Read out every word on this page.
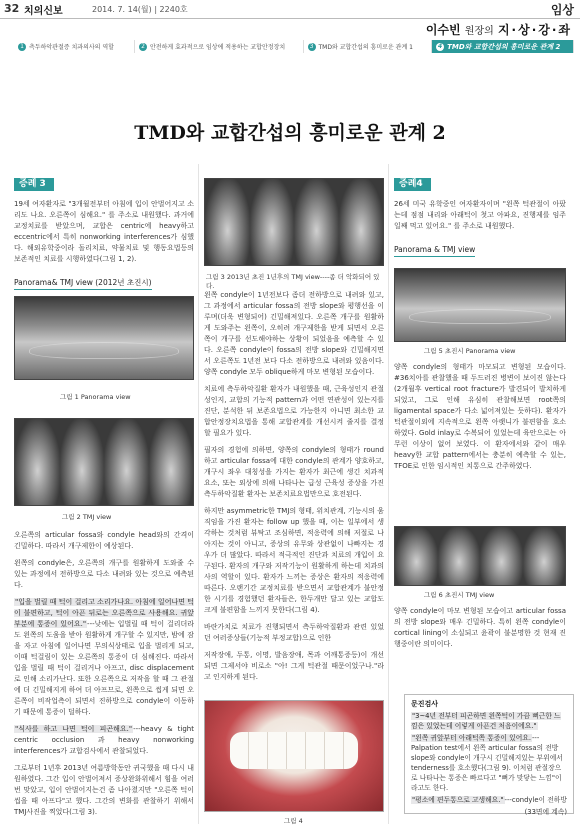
32 치의신보	2014. 7. 14(월) | 2240호	임상
이수빈 원장의 지·상·강·좌
1 측두하악관절증 치과의사의 역할	2 안전하게 효과적으로 임상에 적용하는 교합안정장치	3 TMD와 교합간섭의 흥미로운 관계 1	4 TMD와 교합간섭의 흥미로운 관계 2
TMD와 교합간섭의 흥미로운 관계 2
증례 3

19세 여자환자로 "3개월전부터 아침에 입이 안벌어지고 소리도 나요. 오른쪽이 심해요." 를 주소로 내원했다. 과거에 교정치료를 받았으며, 교합은 centric에 heavy하고 eccentric에서 특히 nonworking interferences가 심했다. 해외유학중이라 돌리치료, 약물치료 및 행동요법등의 보존적인 치료를 시행하였다(그림 1, 2).

Panorama& TMJ view (2012년 초진시)
그림 1 Panorama view
그림 2 TMJ view

오른쪽의 articular fossa와 condyle head와의 간격이 긴밀하다. 따라서 개구제한이 예상된다.

왼쪽의 condyle은, 오른쪽의 개구를 원활하게 도와줄 수 있는 과정에서 전하방으로 다소 내려와 있는 것으로 예측된다.

"입을 벌릴 때 턱이 걸리고 소리가나요. 아침에 일어나면 턱이 불편하고, 턱이 아픈 뒤로는 오른쪽으로 사용해요. 귀앞부분에 통증이 있어요."---낮에는 입벌릴 때 턱이 걸리더라도 왼쪽의 도움을 받아 원활하게 개구할 수 있지만, 밤에 잠을 자고 아침에 일어나면 무의식상태로 입을 벌리게 되고, 이때 턱걸림이 있는 오른쪽의 통증이 더 심해진다. 따라서 입을 벌릴 때 턱이 걸리거나 아프고, disc displacement로 인해 소리가난다. 또한 오른쪽으로 저작을 할 때 그 관절에 더 긴밀해지게 하여 더 아프므로, 왼쪽으로 씹게 되면 오른쪽이 비작업측이 되면서 진하방으로 condyle이 이동하기 때문에 통증이 덜하다.

"식사를 하고 나면 턱이 피곤해요."---heavy & tight centric occlusion 과 heavy nonworking interferences가 교합검사에서 관찰되었다.

그로부터 1년후 2013년 여름방학동안 귀국했을 때 다시 내원하였다. 그간 입이 안벌어져서 증상완화위해서 힘을 여러 번 맞았고, 입이 안벌어지는건 좀 나아졌지만 "오른쪽 턱이 씹을 때 아프다"고 했다. 그간의 변화를 관찰하기 위해서 TMJ사진을 찍었다(그림 3).

그림 3 2013년 초진 1년후의 TMJ view----좀 더 악화되어 있다.

왼쪽 condyle이 1년전보다 좀더 전하방으로 내려와 있고, 그 과정에서 articular fossa의 전방 slope와 평행선을 이루며(더욱 변형되어) 긴밀해져있다. 오른쪽 개구를 원활하게 도와주는 왼쪽이, 오히려 개구제한을 받게 되면서 오른쪽이 개구를 선도해야하는 상황이 되었음을 예측할 수 있다. 오른쪽 condyle이 fossa의 전방 slope와 긴밀해지면서 오른쪽도 1년전 보다 다소 전하방으로 내려와 있음이다. 양쪽 condyle 모두 oblique하게 마모 변형된 모습이다.

치료에 측두하악질환 환자가 내원했을 때, 근육성인지 관절성인지, 교합의 기능적 pattern과 어떤 연관성이 있는지를 진단, 분석한 뒤 보존요법으로 가능한지 아니면 최소한 교합안정장치요법을 통해 교합관계를 개선시켜 줄지를 결정할 필요가 있다.

필자의 경험에 의하면, 양쪽의 condyle의 형태가 round 하고 articular fossa에 대한 condyle의 관계가 양호하고, 개구시 좌우 대칭성을 가지는 환자가 최근에 생긴 치과적 요소, 또는 외상에 의해 나타나는 급성 근육성 증상을 가진 측두하악질환 환자는 보존치료요법만으로 호전된다.

하지만 asymmetric한 TMJ의 형태, 위치관계, 기능시의 움직임을 가진 환자는 follow up 했을 때, 이는 일부에서 생각하는 것처럼 뷰탁고 조심하면, 적응력에 의해 저절로 나아지는 것이 아니고, 증상의 유무와 상관없이 나빠지는 경우가 더 많았다. 따라서 적극적인 진단과 치료의 개입이 요구된다. 환자의 개구와 저작기능이 원활하게 하는데 치과의사의 역할이 있다. 환자가 느끼는 증상은 환자의 적응력에 따른다. 오랜기간 교정치료를 받으면서 교합관계가 불안정한 시기를 경험했던 환자들은, 한두개만 달고 있는 교합도 크게 불편함을 느끼지 못한다(그림 4).

바란가치로 치료가 진행되면서 측두하악질환과 관련 있었던 여러증상들(기능적 부정교합)으로 인한

저작장애, 두통, 이명, 발음장애, 목과 어깨통증등)이 개선되면 그제서야 비로소 "아! 그게 턱관절 때문이었구나."라고 인지하게 된다.

그림 4
증례4

26세 미국 유학중인 여자환자이며 "왼쪽 턱관절이 아팠는데 점점 내리와 아래턱이 첫고 아파요, 진행제를 임주일째 먹고 있어요." 를 주소로 내원했다.

Panorama & TMJ view
그림 5 초진시 Panorama view

양쪽 condyle의 형태가 마모되고 변형된 모습이다. #36치아를 관찰했을 때 두드러진 병변이 보이진 않는다 (2개월후 vertical root fracture가 발견되어 발치하게 되었고, 그로 인해 유심히 관찰해보면 root쪽의 ligamental space가 다소 넓어져있는 듯하다). 환자가 턱관절이외에 지속적으로 왼쪽 아랫니가 불편함을 호소하였다. Gold inlay로 수복되어 있었는데 육안으로는 아무런 이상이 없어 보였다. 이 환자에서와 같이 매우 heavy한 교합 pattern에서는 충분히 예측할 수 있는, TFOE로 인한 임시적인 치통으로 간주하였다.

그림 6 초진시 TMJ view

양쪽 condyle이 마모 변형된 모습이고 articular fossa의 전방 slope와 매우 긴밀하다. 특히 왼쪽 condyle이 cortical lining이 소실되고 윤곽이 불분명한 것 현재 진행중이란 의미이다.

문진검사

"3~4년 전부터 피곤하면 왼쪽턱이 가끔 뻐근한 느낌은 있었는데 이렇게 아픈건 처음이에요."

"왼쪽 귀앞부터 아래턱쪽 통증이 있어요.---Palpation test에서 왼쪽 articular fossa의 전방slope와 condyle이 개구시 긴밀해지있는 부위에서 tenderness를 호소했다(그림 9). 이처럼 관절장으로 나타나는 통증은 빠르다고 "뼈가 맞닿는 느낌"이라고도 한다.

"평소에 편두통으로 고생해요."---condyle이 전하방

(33면에 계속)
